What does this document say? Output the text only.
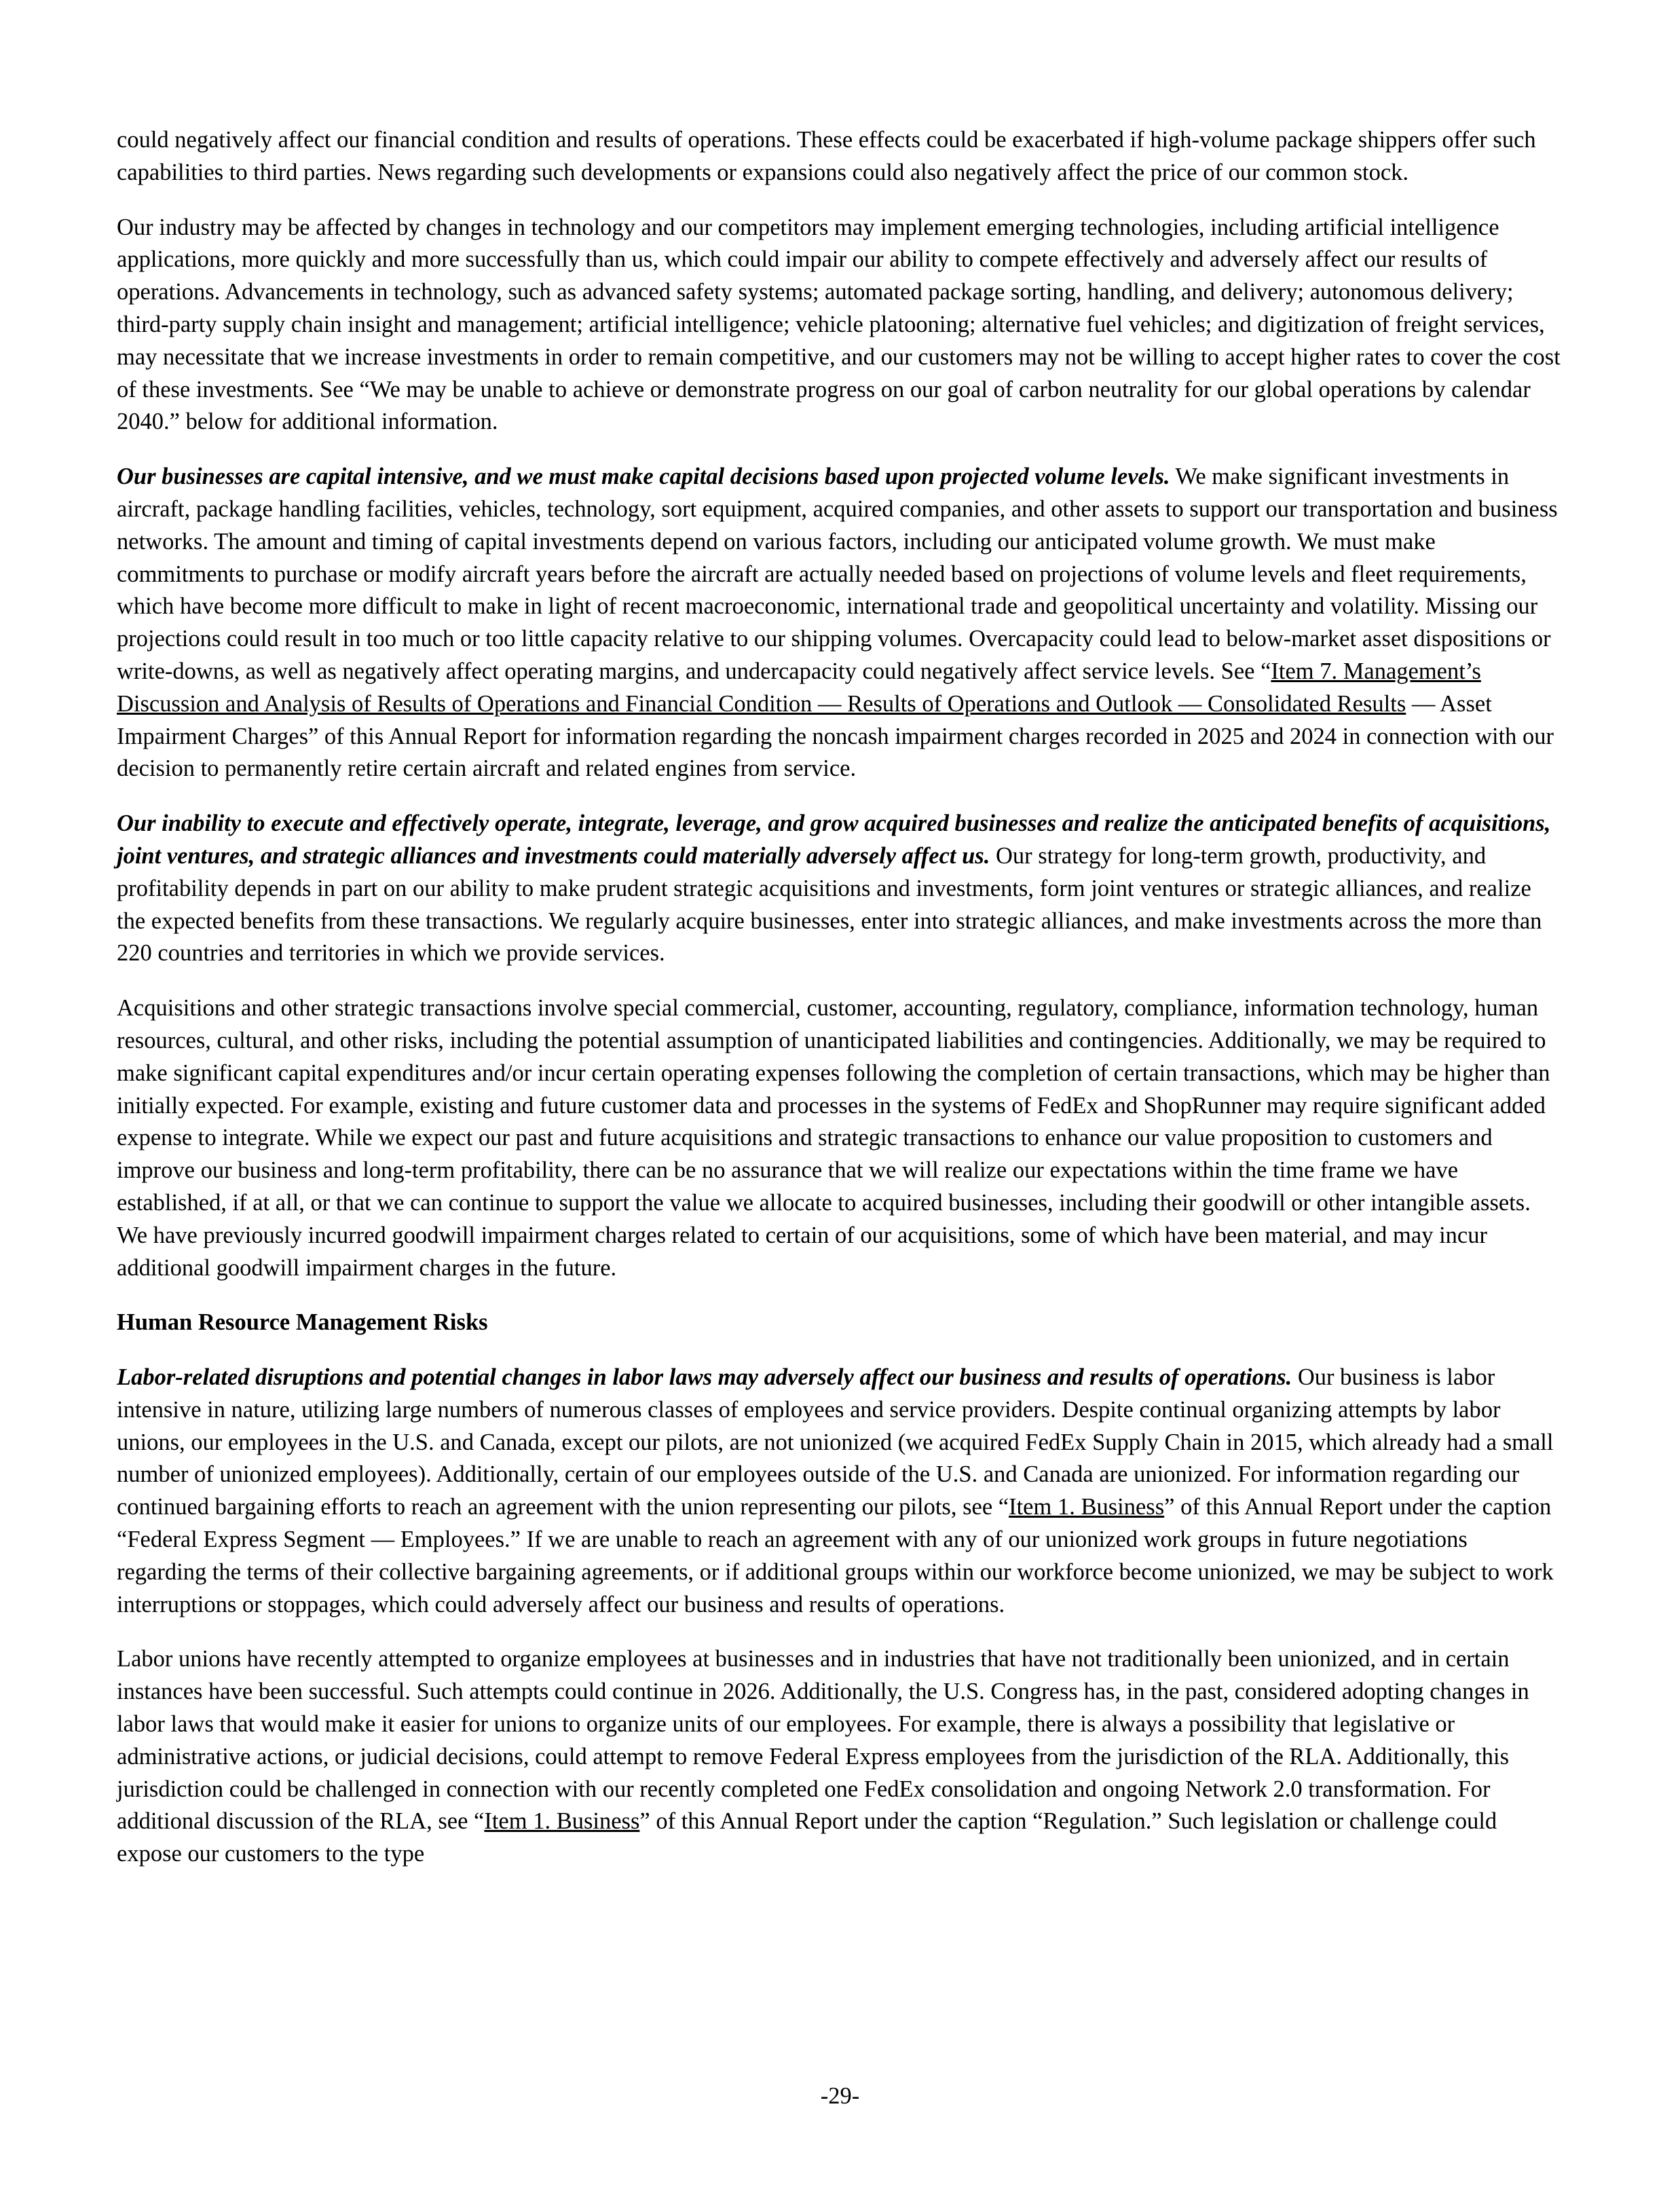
could negatively affect our financial condition and results of operations. These effects could be exacerbated if high-volume package shippers offer such capabilities to third parties. News regarding such developments or expansions could also negatively affect the price of our common stock.

Our industry may be affected by changes in technology and our competitors may implement emerging technologies, including artificial intelligence applications, more quickly and more successfully than us, which could impair our ability to compete effectively and adversely affect our results of operations. Advancements in technology, such as advanced safety systems; automated package sorting, handling, and delivery; autonomous delivery; third-party supply chain insight and management; artificial intelligence; vehicle platooning; alternative fuel vehicles; and digitization of freight services, may necessitate that we increase investments in order to remain competitive, and our customers may not be willing to accept higher rates to cover the cost of these investments. See “We may be unable to achieve or demonstrate progress on our goal of carbon neutrality for our global operations by calendar 2040.” below for additional information.

Our businesses are capital intensive, and we must make capital decisions based upon projected volume levels. We make significant investments in aircraft, package handling facilities, vehicles, technology, sort equipment, acquired companies, and other assets to support our transportation and business networks. The amount and timing of capital investments depend on various factors, including our anticipated volume growth. We must make commitments to purchase or modify aircraft years before the aircraft are actually needed based on projections of volume levels and fleet requirements, which have become more difficult to make in light of recent macroeconomic, international trade and geopolitical uncertainty and volatility. Missing our projections could result in too much or too little capacity relative to our shipping volumes. Overcapacity could lead to below-market asset dispositions or write-downs, as well as negatively affect operating margins, and undercapacity could negatively affect service levels. See “Item 7. Management’s Discussion and Analysis of Results of Operations and Financial Condition — Results of Operations and Outlook — Consolidated Results — Asset Impairment Charges” of this Annual Report for information regarding the noncash impairment charges recorded in 2025 and 2024 in connection with our decision to permanently retire certain aircraft and related engines from service.

Our inability to execute and effectively operate, integrate, leverage, and grow acquired businesses and realize the anticipated benefits of acquisitions, joint ventures, and strategic alliances and investments could materially adversely affect us. Our strategy for long-term growth, productivity, and profitability depends in part on our ability to make prudent strategic acquisitions and investments, form joint ventures or strategic alliances, and realize the expected benefits from these transactions. We regularly acquire businesses, enter into strategic alliances, and make investments across the more than 220 countries and territories in which we provide services.

Acquisitions and other strategic transactions involve special commercial, customer, accounting, regulatory, compliance, information technology, human resources, cultural, and other risks, including the potential assumption of unanticipated liabilities and contingencies. Additionally, we may be required to make significant capital expenditures and/or incur certain operating expenses following the completion of certain transactions, which may be higher than initially expected. For example, existing and future customer data and processes in the systems of FedEx and ShopRunner may require significant added expense to integrate. While we expect our past and future acquisitions and strategic transactions to enhance our value proposition to customers and improve our business and long-term profitability, there can be no assurance that we will realize our expectations within the time frame we have established, if at all, or that we can continue to support the value we allocate to acquired businesses, including their goodwill or other intangible assets. We have previously incurred goodwill impairment charges related to certain of our acquisitions, some of which have been material, and may incur additional goodwill impairment charges in the future.

Human Resource Management Risks

Labor-related disruptions and potential changes in labor laws may adversely affect our business and results of operations. Our business is labor intensive in nature, utilizing large numbers of numerous classes of employees and service providers. Despite continual organizing attempts by labor unions, our employees in the U.S. and Canada, except our pilots, are not unionized (we acquired FedEx Supply Chain in 2015, which already had a small number of unionized employees). Additionally, certain of our employees outside of the U.S. and Canada are unionized. For information regarding our continued bargaining efforts to reach an agreement with the union representing our pilots, see “Item 1. Business” of this Annual Report under the caption “Federal Express Segment — Employees.” If we are unable to reach an agreement with any of our unionized work groups in future negotiations regarding the terms of their collective bargaining agreements, or if additional groups within our workforce become unionized, we may be subject to work interruptions or stoppages, which could adversely affect our business and results of operations.

Labor unions have recently attempted to organize employees at businesses and in industries that have not traditionally been unionized, and in certain instances have been successful. Such attempts could continue in 2026. Additionally, the U.S. Congress has, in the past, considered adopting changes in labor laws that would make it easier for unions to organize units of our employees. For example, there is always a possibility that legislative or administrative actions, or judicial decisions, could attempt to remove Federal Express employees from the jurisdiction of the RLA. Additionally, this jurisdiction could be challenged in connection with our recently completed one FedEx consolidation and ongoing Network 2.0 transformation. For additional discussion of the RLA, see “Item 1. Business” of this Annual Report under the caption “Regulation.” Such legislation or challenge could expose our customers to the type

-29-
